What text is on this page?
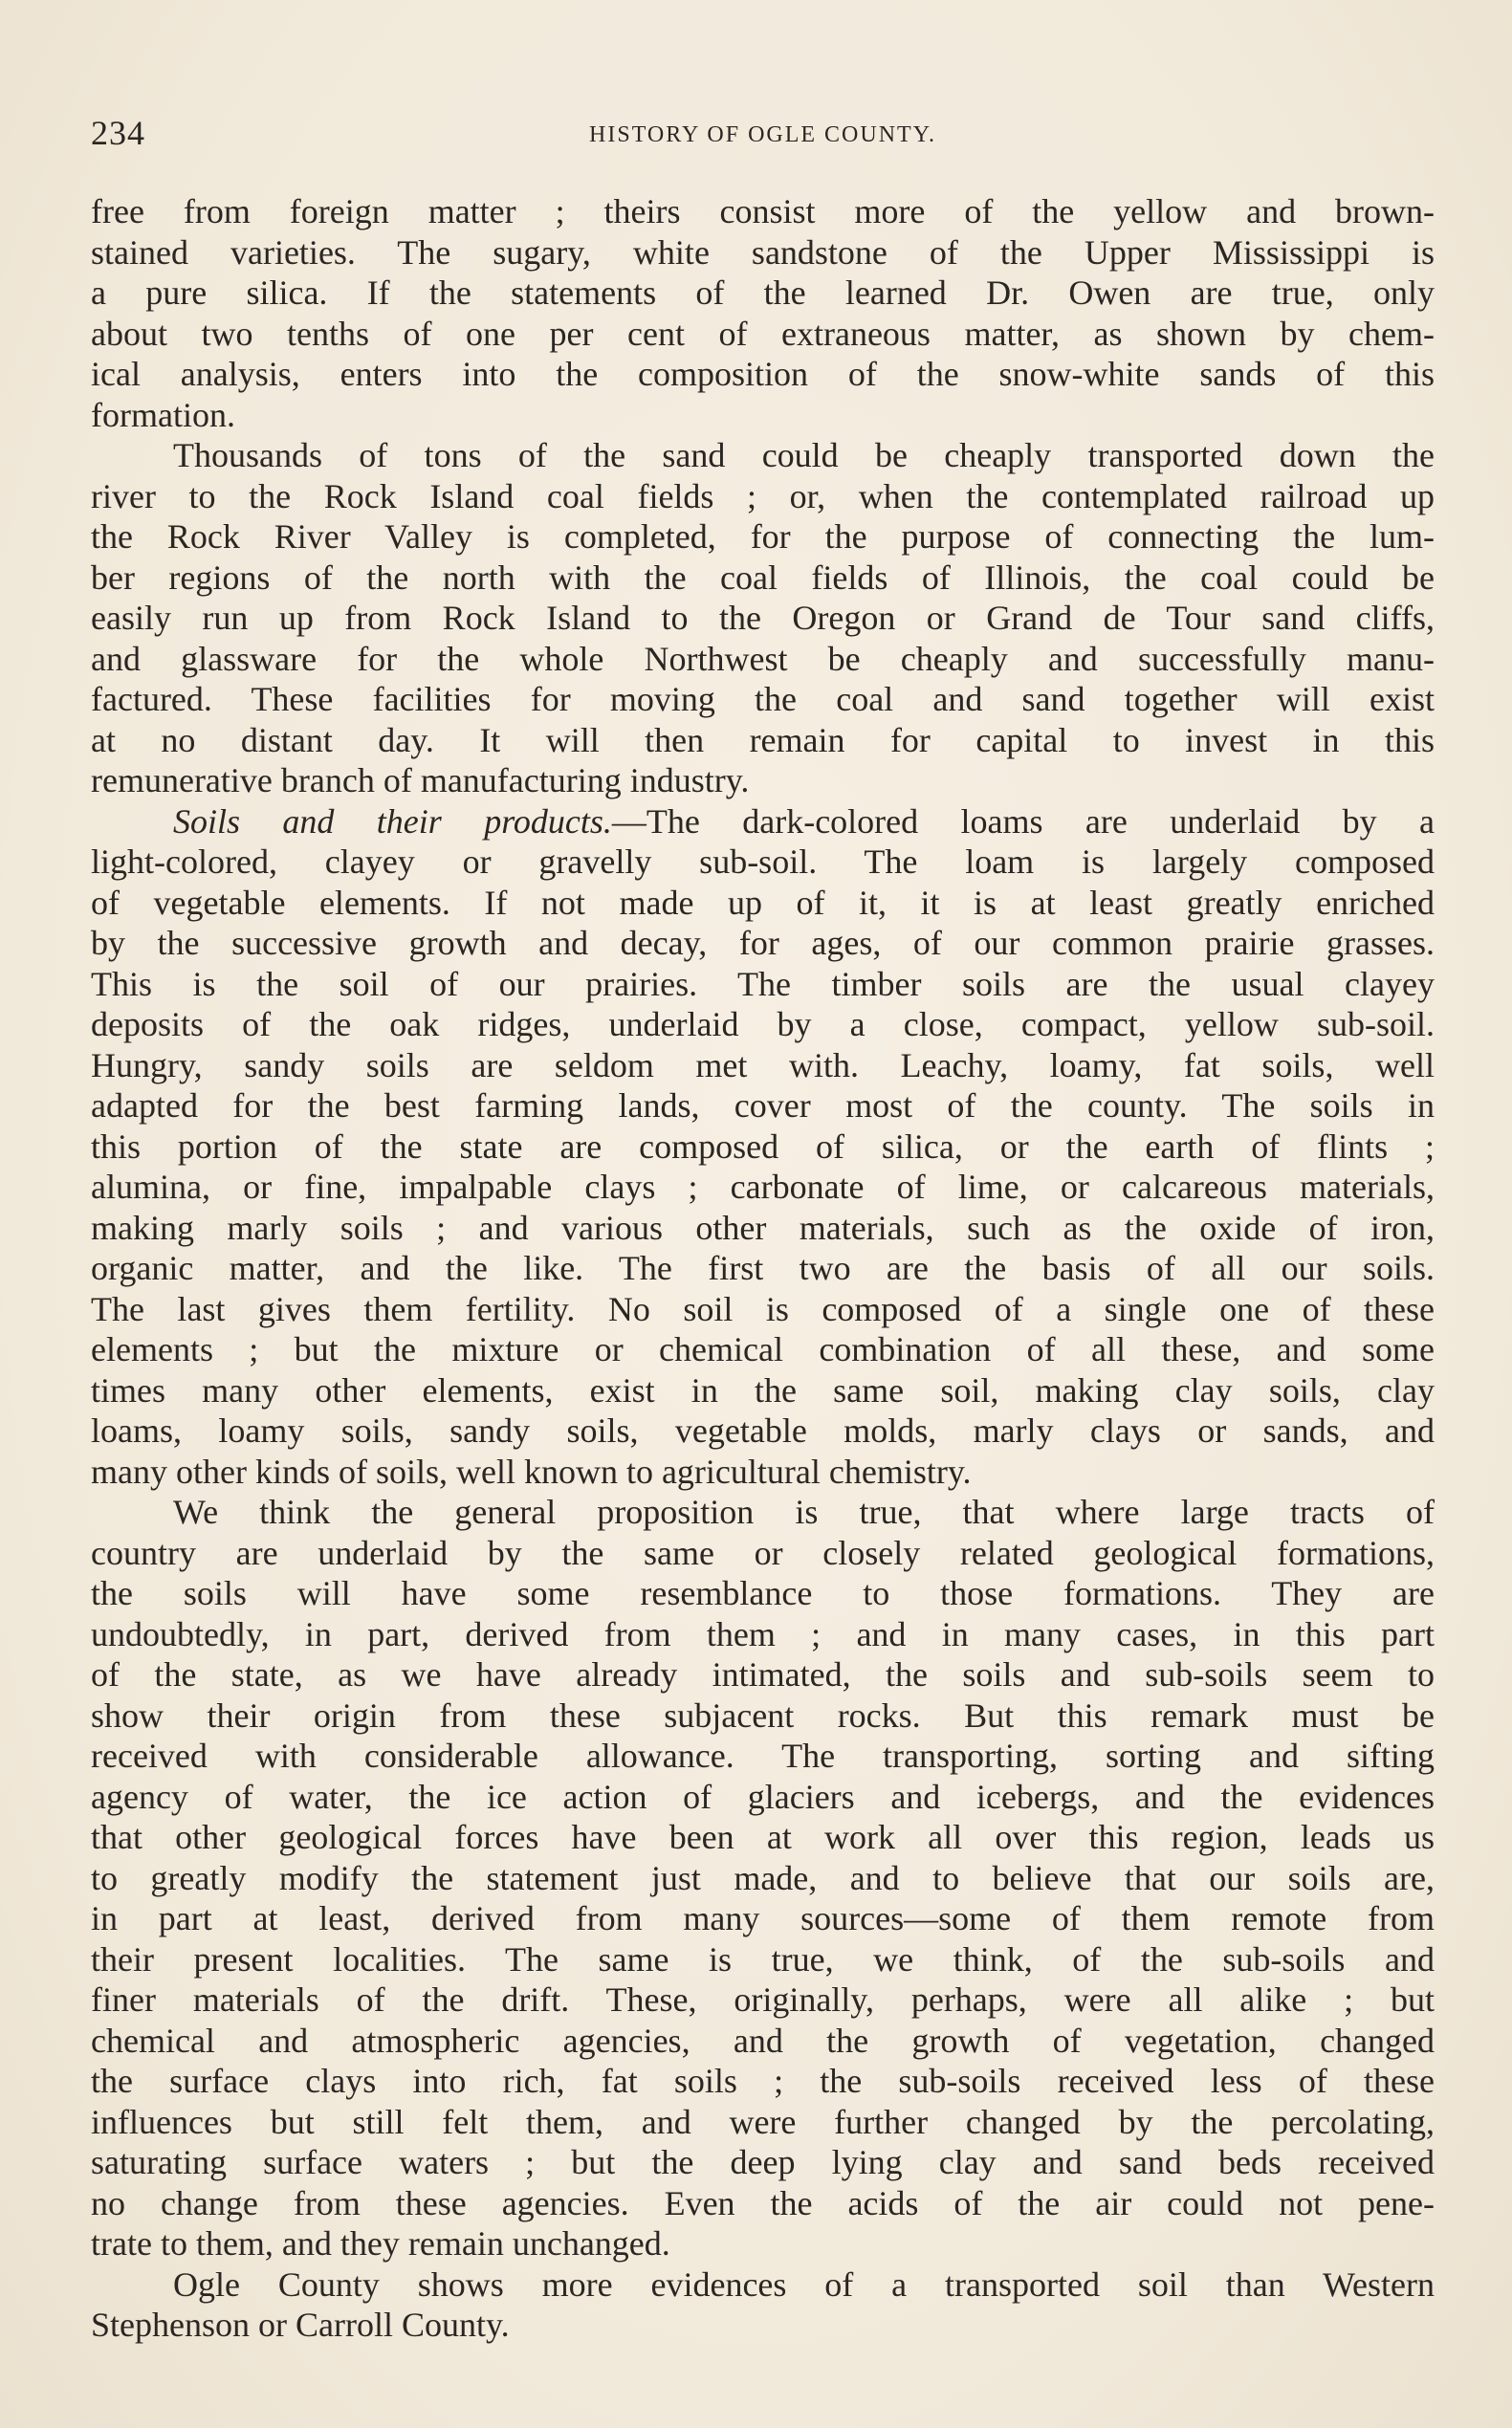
234	HISTORY OF OGLE COUNTY.

free from foreign matter ; theirs consist more of the yellow and brown-
stained varieties. The sugary, white sandstone of the Upper Mississippi is
a pure silica. If the statements of the learned Dr. Owen are true, only
about two tenths of one per cent of extraneous matter, as shown by chem-
ical analysis, enters into the composition of the snow-white sands of this
formation.

Thousands of tons of the sand could be cheaply transported down the
river to the Rock Island coal fields ; or, when the contemplated railroad up
the Rock River Valley is completed, for the purpose of connecting the lum-
ber regions of the north with the coal fields of Illinois, the coal could be
easily run up from Rock Island to the Oregon or Grand de Tour sand cliffs,
and glassware for the whole Northwest be cheaply and successfully manu-
factured. These facilities for moving the coal and sand together will exist
at no distant day. It will then remain for capital to invest in this
remunerative branch of manufacturing industry.

Soils and their products.—The dark-colored loams are underlaid by a
light-colored, clayey or gravelly sub-soil. The loam is largely composed
of vegetable elements. If not made up of it, it is at least greatly enriched
by the successive growth and decay, for ages, of our common prairie grasses.
This is the soil of our prairies. The timber soils are the usual clayey
deposits of the oak ridges, underlaid by a close, compact, yellow sub-soil.
Hungry, sandy soils are seldom met with. Leachy, loamy, fat soils, well
adapted for the best farming lands, cover most of the county. The soils in
this portion of the state are composed of silica, or the earth of flints ;
alumina, or fine, impalpable clays ; carbonate of lime, or calcareous materials,
making marly soils ; and various other materials, such as the oxide of iron,
organic matter, and the like. The first two are the basis of all our soils.
The last gives them fertility. No soil is composed of a single one of these
elements ; but the mixture or chemical combination of all these, and some
times many other elements, exist in the same soil, making clay soils, clay
loams, loamy soils, sandy soils, vegetable molds, marly clays or sands, and
many other kinds of soils, well known to agricultural chemistry.

We think the general proposition is true, that where large tracts of
country are underlaid by the same or closely related geological formations,
the soils will have some resemblance to those formations. They are
undoubtedly, in part, derived from them ; and in many cases, in this part
of the state, as we have already intimated, the soils and sub-soils seem to
show their origin from these subjacent rocks. But this remark must be
received with considerable allowance. The transporting, sorting and sifting
agency of water, the ice action of glaciers and icebergs, and the evidences
that other geological forces have been at work all over this region, leads us
to greatly modify the statement just made, and to believe that our soils are,
in part at least, derived from many sources—some of them remote from
their present localities. The same is true, we think, of the sub-soils and
finer materials of the drift. These, originally, perhaps, were all alike ; but
chemical and atmospheric agencies, and the growth of vegetation, changed
the surface clays into rich, fat soils ; the sub-soils received less of these
influences but still felt them, and were further changed by the percolating,
saturating surface waters ; but the deep lying clay and sand beds received
no change from these agencies. Even the acids of the air could not pene-
trate to them, and they remain unchanged.

Ogle County shows more evidences of a transported soil than Western
Stephenson or Carroll County.
